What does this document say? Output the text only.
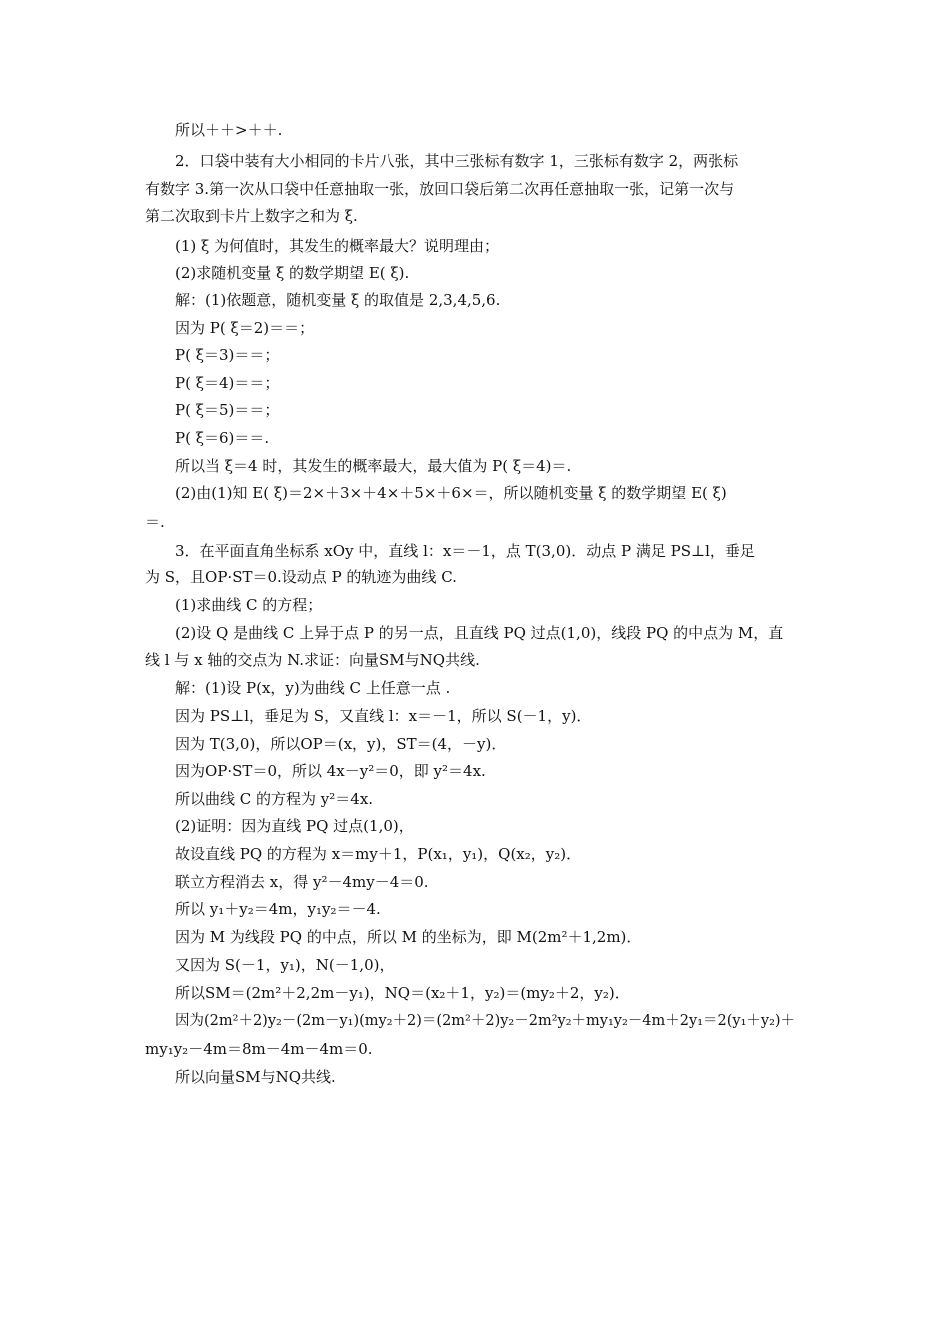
所以＋＋>＋＋.
2．口袋中装有大小相同的卡片八张，其中三张标有数字 1，三张标有数字 2，两张标
有数字 3.第一次从口袋中任意抽取一张，放回口袋后第二次再任意抽取一张，记第一次与
第二次取到卡片上数字之和为 ξ.
(1) ξ 为何值时，其发生的概率最大？说明理由；
(2)求随机变量 ξ 的数学期望 E( ξ).
解：(1)依题意，随机变量 ξ 的取值是 2,3,4,5,6.
因为 P( ξ＝2)＝＝；
P( ξ＝3)＝＝；
P( ξ＝4)＝＝；
P( ξ＝5)＝＝；
P( ξ＝6)＝＝.
所以当 ξ＝4 时，其发生的概率最大，最大值为 P( ξ＝4)＝.
(2)由(1)知 E( ξ)＝2×＋3×＋4×＋5×＋6×＝，所以随机变量 ξ 的数学期望 E( ξ)
＝.
3．在平面直角坐标系 xOy 中，直线 l：x＝－1，点 T(3,0)．动点 P 满足 PS⊥l，垂足
为 S，且OP·ST＝0.设动点 P 的轨迹为曲线 C.
(1)求曲线 C 的方程；
(2)设 Q 是曲线 C 上异于点 P 的另一点，且直线 PQ 过点(1,0)，线段 PQ 的中点为 M，直
线 l 与 x 轴的交点为 N.求证：向量SM与NQ共线.
解：(1)设 P(x，y)为曲线 C 上任意一点 .
因为 PS⊥l，垂足为 S，又直线 l：x＝－1，所以 S(－1，y)．
因为 T(3,0)，所以OP＝(x，y)，ST＝(4，－y)．
因为OP·ST＝0，所以 4x－y²＝0，即 y²＝4x.
所以曲线 C 的方程为 y²＝4x.
(2)证明：因为直线 PQ 过点(1,0)，
故设直线 PQ 的方程为 x＝my＋1，P(x₁，y₁)，Q(x₂，y₂)．
联立方程消去 x，得 y²－4my－4＝0.
所以 y₁＋y₂＝4m，y₁y₂＝－4.
因为 M 为线段 PQ 的中点，所以 M 的坐标为，即 M(2m²＋1,2m)．
又因为 S(－1，y₁)，N(－1,0)，
所以SM＝(2m²＋2,2m－y₁)，NQ＝(x₂＋1，y₂)＝(my₂＋2，y₂)．
因为(2m²＋2)y₂－(2m－y₁)(my₂＋2)＝(2m²＋2)y₂－2m²y₂＋my₁y₂－4m＋2y₁＝2(y₁＋y₂)＋
my₁y₂－4m＝8m－4m－4m＝0.
所以向量SM与NQ共线.
